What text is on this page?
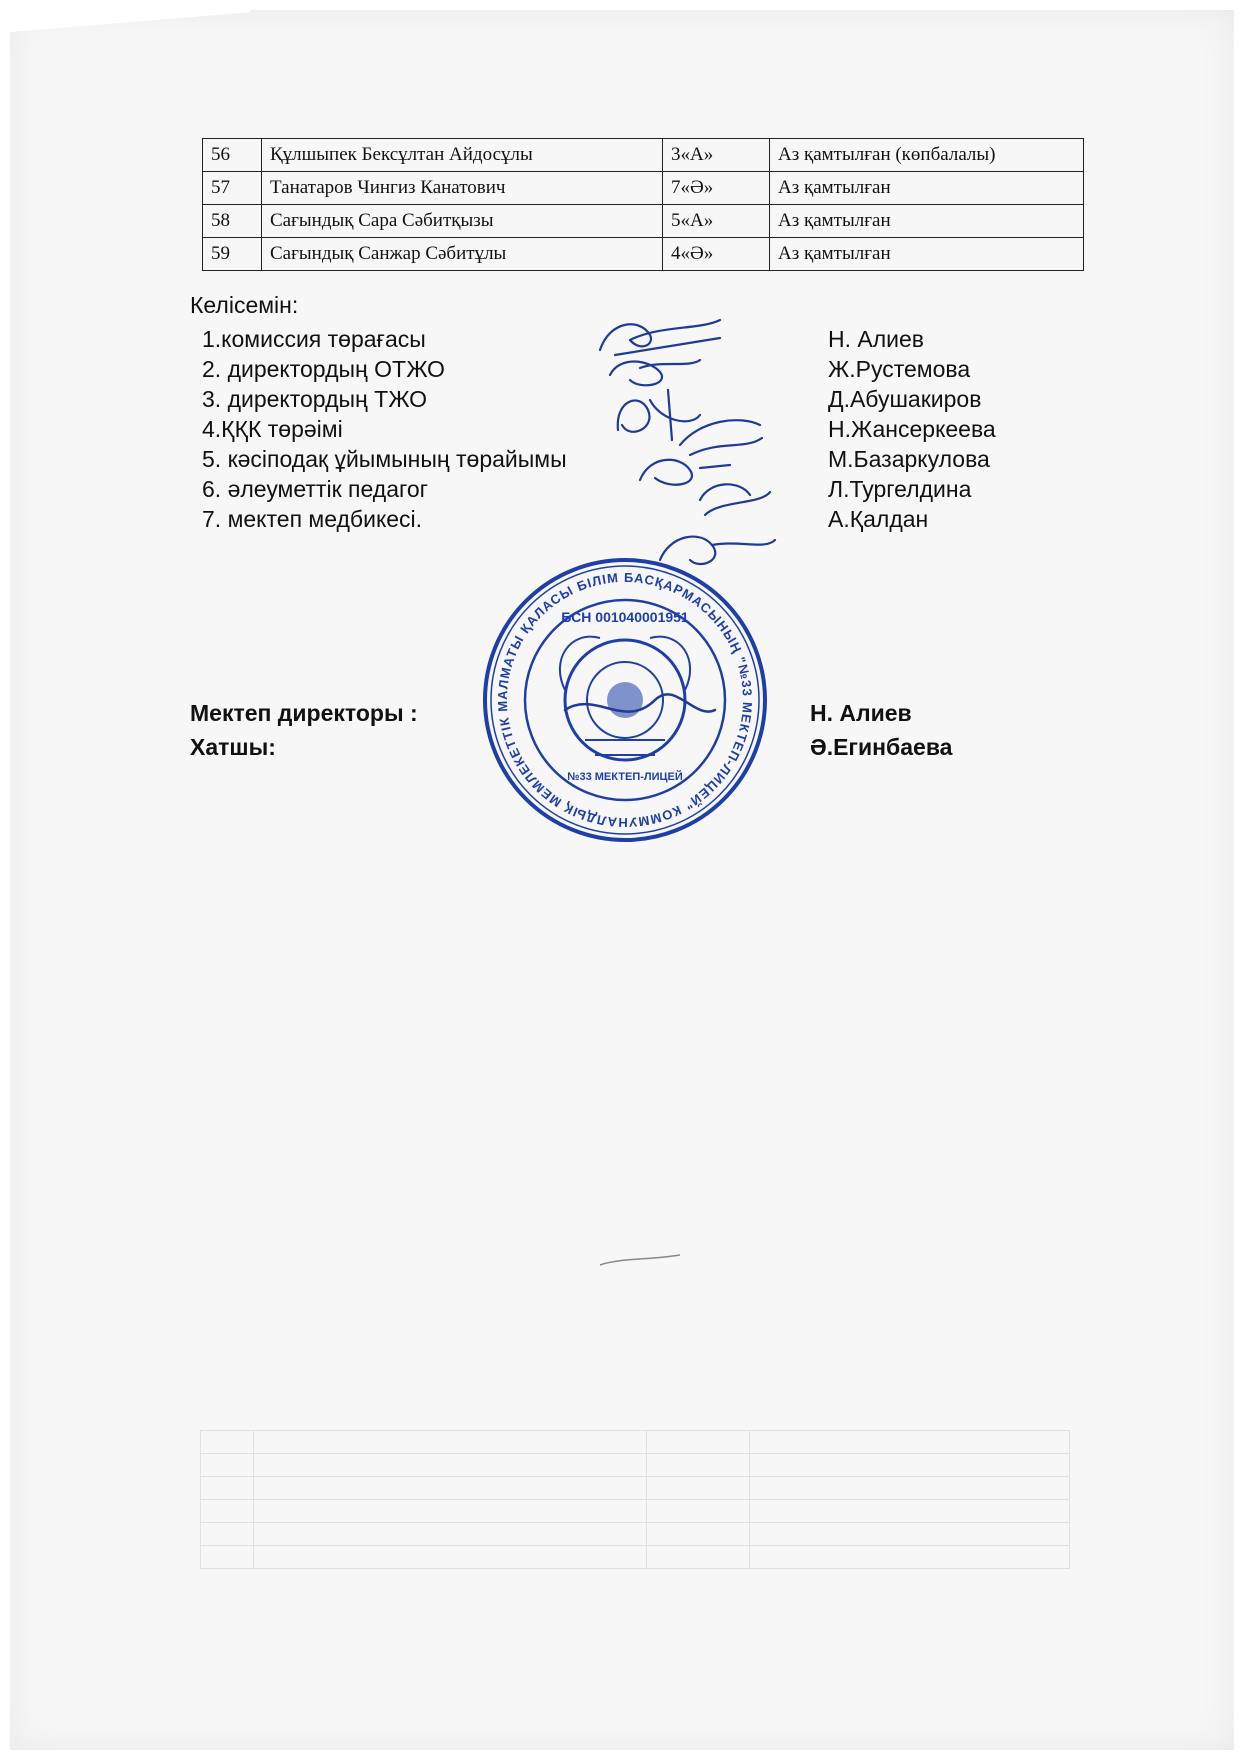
56	Құлшыпек Бексұлтан Айдосұлы	3«А»	Аз қамтылған (көпбалалы)
57	Танатаров Чингиз Канатович	7«Ә»	Аз қамтылған
58	Сағындық Сара Сәбитқызы	5«А»	Аз қамтылған
59	Сағындық Санжар Сәбитұлы	4«Ә»	Аз қамтылған
Келісемін:
1.комиссия төрағасы	Н. Алиев
2. директордың ОТЖО	Ж.Рустемова
3. директордың ТЖО	Д.Абушакиров
4.ҚҚК төрәімі	Н.Жансеркеева
5. кәсіподақ ұйымының төрайымы	М.Базаркулова
6. әлеуметтік педагог	Л.Тургелдина
7. мектеп медбикесі.	А.Қалдан
Мектеп директоры :	Н. Алиев
Хатшы:	Ә.Егинбаева
АЛМАТЫ ҚАЛАСЫ БІЛІМ БАСҚАРМАСЫНЫҢ "№33 МЕКТЕП-ЛИЦЕЙ" КОММУНАЛДЫҚ МЕМЛЕКЕТТІК М
БСН 001040001951
№33 МЕКТЕП-ЛИЦЕЙ
